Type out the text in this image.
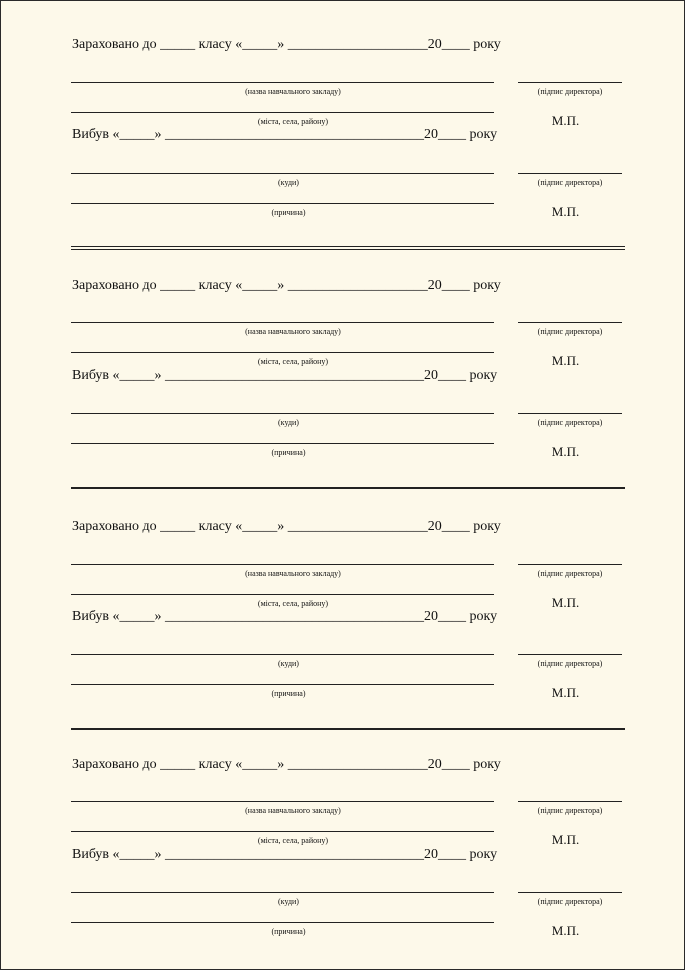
Зараховано до _____ класу «_____» ____________________20____ року
(назва навчального закладу)
(міста, села, району)
Вибув «_____» _____________________________________20____ року
(куди)
(причина)
(підпис директора)
М.П.
(підпис директора)
М.П.
Зараховано до _____ класу «_____» ____________________20____ року
(назва навчального закладу)
(міста, села, району)
Вибув «_____» _____________________________________20____ року
(куди)
(причина)
(підпис директора)
М.П.
(підпис директора)
М.П.
Зараховано до _____ класу «_____» ____________________20____ року
(назва навчального закладу)
(міста, села, району)
Вибув «_____» _____________________________________20____ року
(куди)
(причина)
(підпис директора)
М.П.
(підпис директора)
М.П.
Зараховано до _____ класу «_____» ____________________20____ року
(назва навчального закладу)
(міста, села, району)
Вибув «_____» _____________________________________20____ року
(куди)
(причина)
(підпис директора)
М.П.
(підпис директора)
М.П.
